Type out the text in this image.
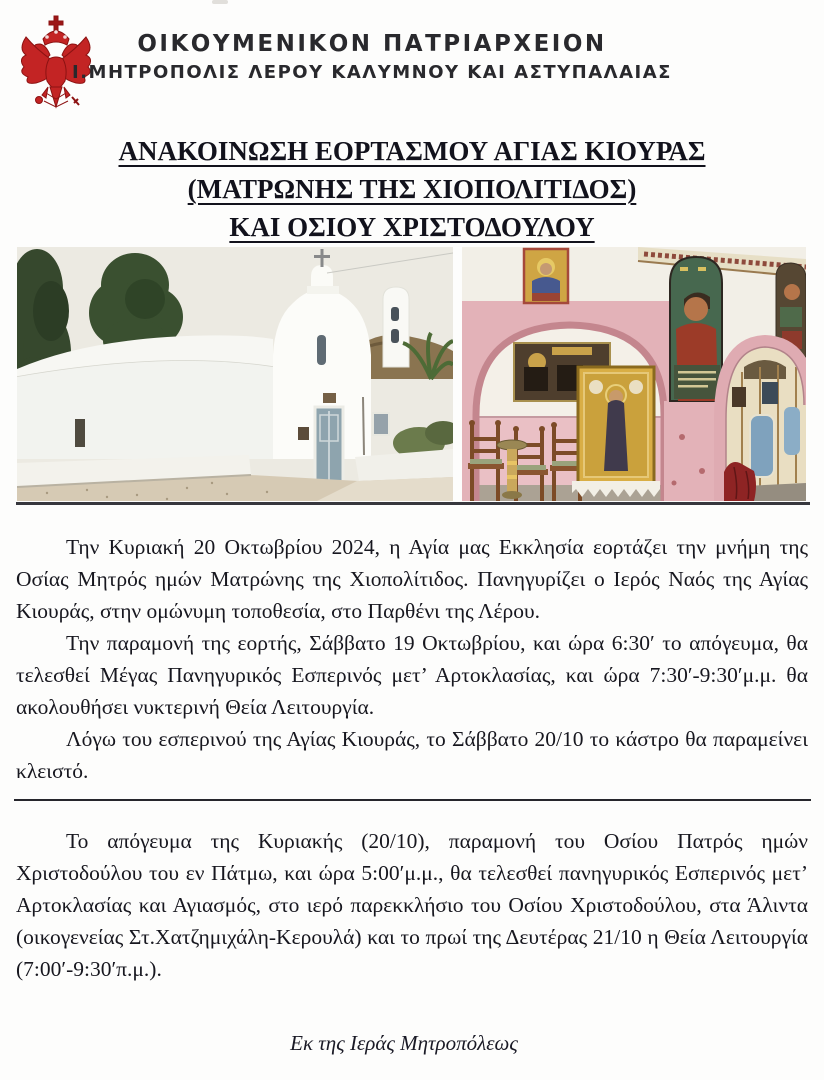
ΟΙΚΟΥΜΕΝΙΚΟΝ ΠΑΤΡΙΑΡΧΕΙΟΝ
Ι.ΜΗΤΡΟΠΟΛΙΣ ΛΕΡΟΥ ΚΑΛΥΜΝΟΥ ΚΑΙ ΑΣΤΥΠΑΛΑΙΑΣ
ΑΝΑΚΟΙΝΩΣΗ ΕΟΡΤΑΣΜΟΥ ΑΓΙΑΣ ΚΙΟΥΡΑΣ
(ΜΑΤΡΩΝΗΣ ΤΗΣ ΧΙΟΠΟΛΙΤΙΔΟΣ)
ΚΑΙ ΟΣΙΟΥ ΧΡΙΣΤΟΔΟΥΛΟΥ

Την Κυριακή 20 Οκτωβρίου 2024, η Αγία μας Εκκλησία εορτάζει την μνήμη της Οσίας Μητρός ημών Ματρώνης της Χιοπολίτιδος. Πανηγυρίζει ο Ιερός Ναός της Αγίας Κιουράς, στην ομώνυμη τοποθεσία, στο Παρθένι της Λέρου.

Την παραμονή της εορτής, Σάββατο 19 Οκτωβρίου, και ώρα 6:30′ το απόγευμα, θα τελεσθεί Μέγας Πανηγυρικός Εσπερινός μετ’ Αρτοκλασίας, και ώρα 7:30′-9:30′μ.μ. θα ακολουθήσει νυκτερινή Θεία Λειτουργία.

Λόγω του εσπερινού της Αγίας Κιουράς, το Σάββατο 20/10 το κάστρο θα παραμείνει κλειστό.

Το απόγευμα της Κυριακής (20/10), παραμονή του Οσίου Πατρός ημών Χριστοδούλου του εν Πάτμω, και ώρα 5:00′μ.μ., θα τελεσθεί πανηγυρικός Εσπερινός μετ’ Αρτοκλασίας και Αγιασμός, στο ιερό παρεκκλήσιο του Οσίου Χριστοδούλου, στα Άλιντα (οικογενείας Στ.Χατζημιχάλη-Κερουλά) και το πρωί της Δευτέρας 21/10 η Θεία Λειτουργία (7:00′-9:30′π.μ.).

Εκ της Ιεράς Μητροπόλεως
